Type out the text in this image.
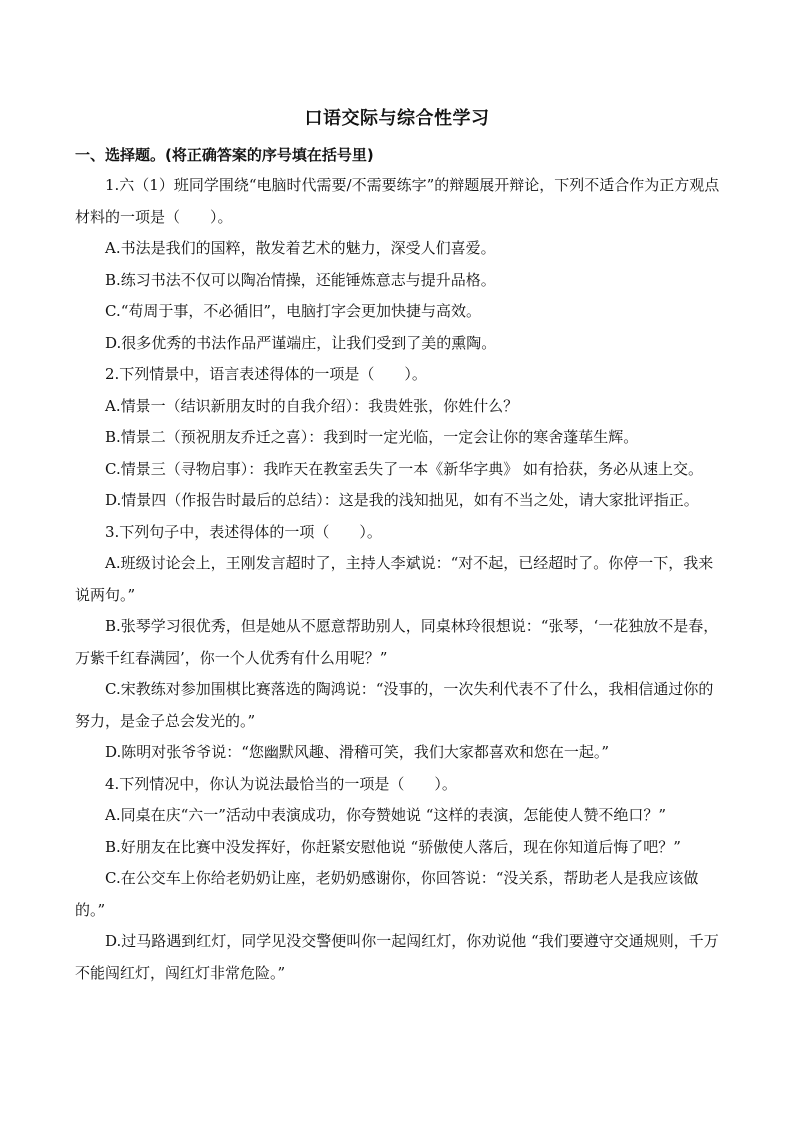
口语交际与综合性学习
一、选择题。(将正确答案的序号填在括号里)

1.六（1）班同学围绕“电脑时代需要/不需要练字”的辩题展开辩论，下列不适合作为正方观点材料的一项是（　　）。

A.书法是我们的国粹，散发着艺术的魅力，深受人们喜爱。

B.练习书法不仅可以陶冶情操，还能锤炼意志与提升品格。

C.“苟周于事，不必循旧”，电脑打字会更加快捷与高效。

D.很多优秀的书法作品严谨端庄，让我们受到了美的熏陶。

2.下列情景中，语言表述得体的一项是（　　）。

A.情景一（结识新朋友时的自我介绍）：我贵姓张，你姓什么？

B.情景二（预祝朋友乔迁之喜）：我到时一定光临，一定会让你的寒舍蓬荜生辉。

C.情景三（寻物启事）：我昨天在教室丢失了一本《新华字典》 如有拾获，务必从速上交。

D.情景四（作报告时最后的总结）：这是我的浅知拙见，如有不当之处，请大家批评指正。

3.下列句子中，表述得体的一项（　　）。

A.班级讨论会上，王刚发言超时了，主持人李斌说：“对不起，已经超时了。你停一下，我来说两句。”

B.张琴学习很优秀，但是她从不愿意帮助别人，同桌林玲很想说：“张琴，‘一花独放不是春，万紫千红春满园’，你一个人优秀有什么用呢？”

C.宋教练对参加围棋比赛落选的陶鸿说：“没事的，一次失利代表不了什么，我相信通过你的努力，是金子总会发光的。”

D.陈明对张爷爷说：“您幽默风趣、滑稽可笑，我们大家都喜欢和您在一起。”

4.下列情况中，你认为说法最恰当的一项是（　　）。

A.同桌在庆“六一”活动中表演成功，你夸赞她说 “这样的表演，怎能使人赞不绝口？”

B.好朋友在比赛中没发挥好，你赶紧安慰他说 “骄傲使人落后，现在你知道后悔了吧？”

C.在公交车上你给老奶奶让座，老奶奶感谢你，你回答说：“没关系，帮助老人是我应该做的。”

D.过马路遇到红灯，同学见没交警便叫你一起闯红灯，你劝说他 “我们要遵守交通规则，千万不能闯红灯，闯红灯非常危险。”
